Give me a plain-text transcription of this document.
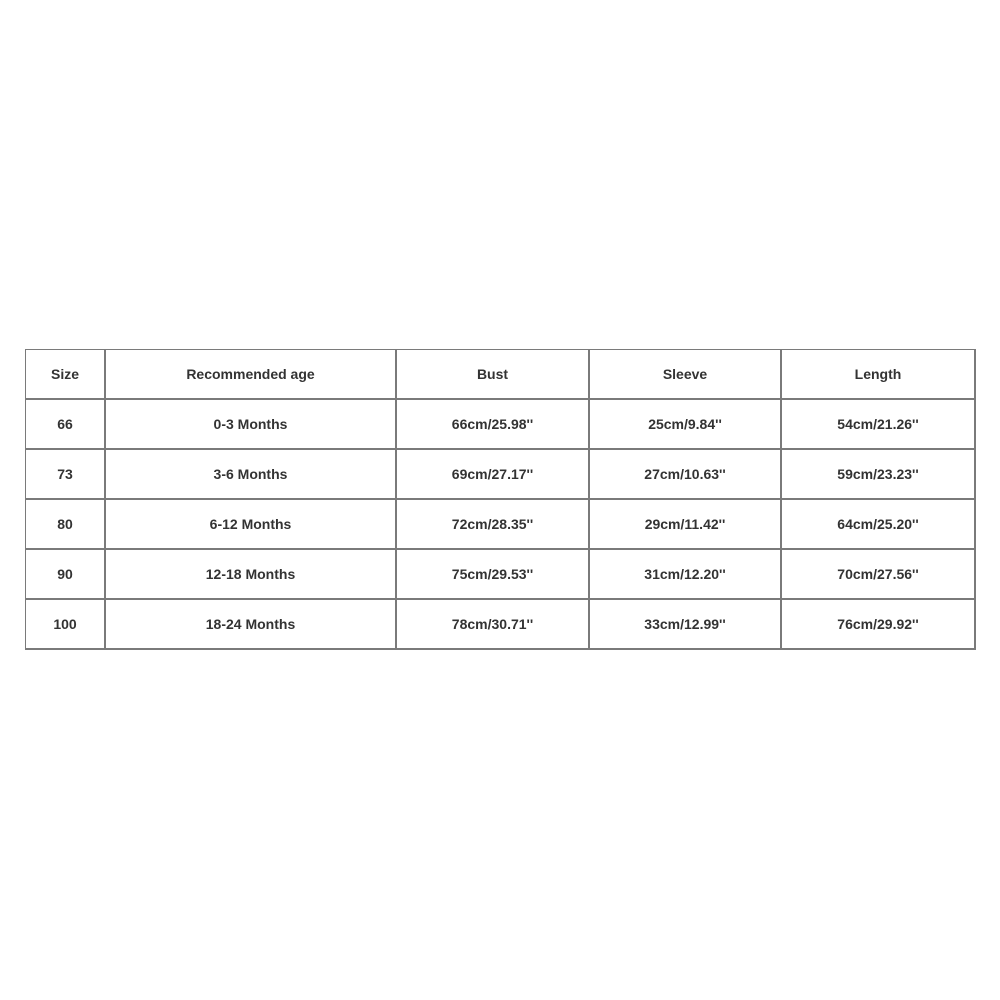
Size	Recommended age	Bust	Sleeve	Length
66	0-3 Months	66cm/25.98''	25cm/9.84''	54cm/21.26''
73	3-6 Months	69cm/27.17''	27cm/10.63''	59cm/23.23''
80	6-12 Months	72cm/28.35''	29cm/11.42''	64cm/25.20''
90	12-18 Months	75cm/29.53''	31cm/12.20''	70cm/27.56''
100	18-24 Months	78cm/30.71''	33cm/12.99''	76cm/29.92''
